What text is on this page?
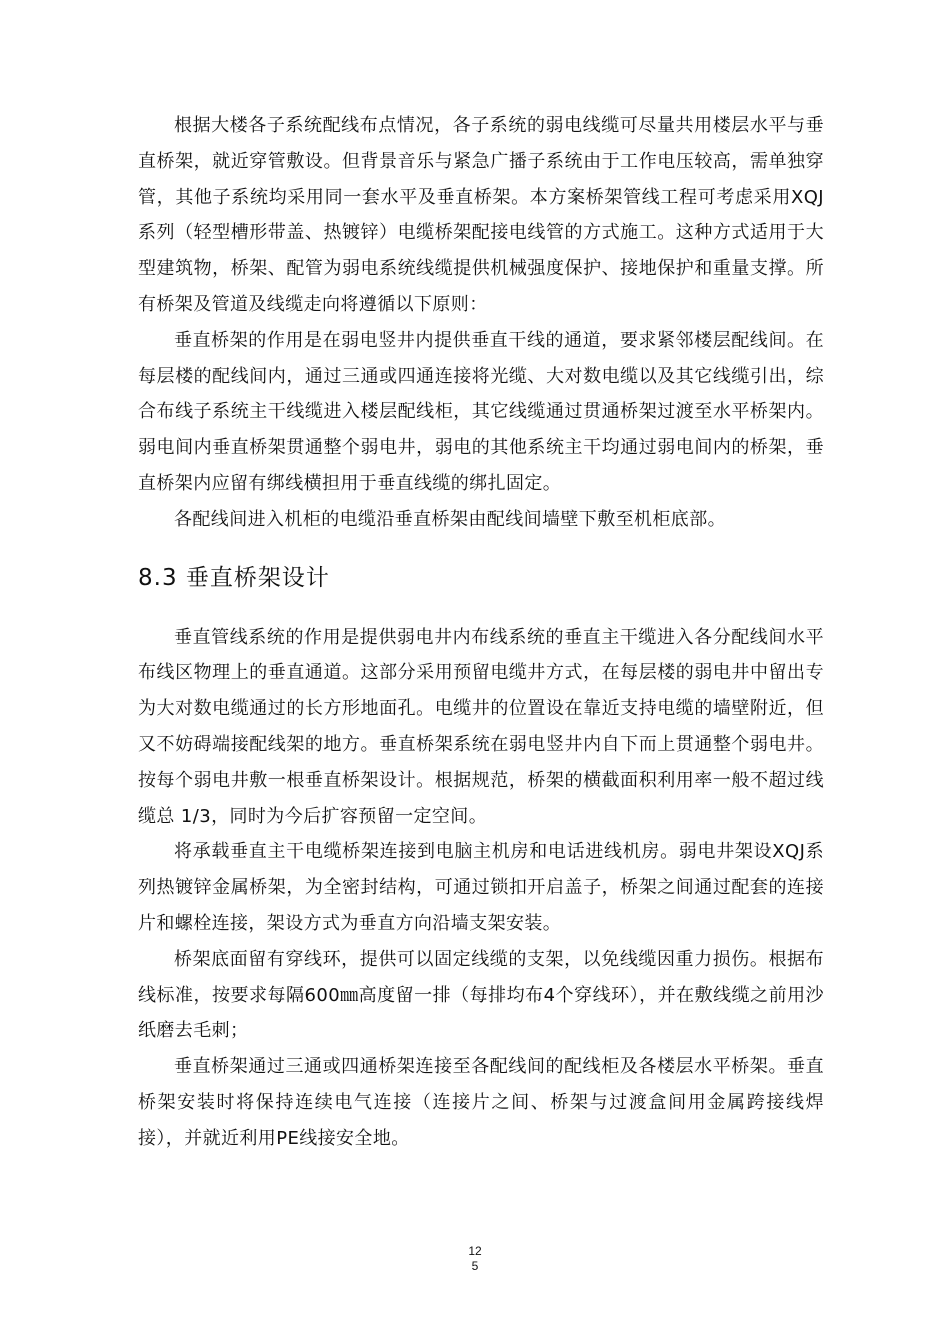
根据大楼各子系统配线布点情况，各子系统的弱电线缆可尽量共用楼层水平与垂直桥架，就近穿管敷设。但背景音乐与紧急广播子系统由于工作电压较高，需单独穿管，其他子系统均采用同一套水平及垂直桥架。本方案桥架管线工程可考虑采用XQJ系列（轻型槽形带盖、热镀锌）电缆桥架配接电线管的方式施工。这种方式适用于大型建筑物，桥架、配管为弱电系统线缆提供机械强度保护、接地保护和重量支撑。所有桥架及管道及线缆走向将遵循以下原则：

垂直桥架的作用是在弱电竖井内提供垂直干线的通道，要求紧邻楼层配线间。在每层楼的配线间内，通过三通或四通连接将光缆、大对数电缆以及其它线缆引出，综合布线子系统主干线缆进入楼层配线柜，其它线缆通过贯通桥架过渡至水平桥架内。弱电间内垂直桥架贯通整个弱电井，弱电的其他系统主干均通过弱电间内的桥架，垂直桥架内应留有绑线横担用于垂直线缆的绑扎固定。

各配线间进入机柜的电缆沿垂直桥架由配线间墙壁下敷至机柜底部。

8.3 垂直桥架设计

垂直管线系统的作用是提供弱电井内布线系统的垂直主干缆进入各分配线间水平布线区物理上的垂直通道。这部分采用预留电缆井方式，在每层楼的弱电井中留出专为大对数电缆通过的长方形地面孔。电缆井的位置设在靠近支持电缆的墙壁附近，但又不妨碍端接配线架的地方。垂直桥架系统在弱电竖井内自下而上贯通整个弱电井。按每个弱电井敷一根垂直桥架设计。根据规范，桥架的横截面积利用率一般不超过线缆总 1/3，同时为今后扩容预留一定空间。

将承载垂直主干电缆桥架连接到电脑主机房和电话进线机房。弱电井架设XQJ系列热镀锌金属桥架，为全密封结构，可通过锁扣开启盖子，桥架之间通过配套的连接片和螺栓连接，架设方式为垂直方向沿墙支架安装。

桥架底面留有穿线环，提供可以固定线缆的支架，以免线缆因重力损伤。根据布线标准，按要求每隔600㎜高度留一排（每排均布4个穿线环），并在敷线缆之前用沙纸磨去毛刺；

垂直桥架通过三通或四通桥架连接至各配线间的配线柜及各楼层水平桥架。垂直桥架安装时将保持连续电气连接（连接片之间、桥架与过渡盒间用金属跨接线焊接），并就近利用PE线接安全地。

125
